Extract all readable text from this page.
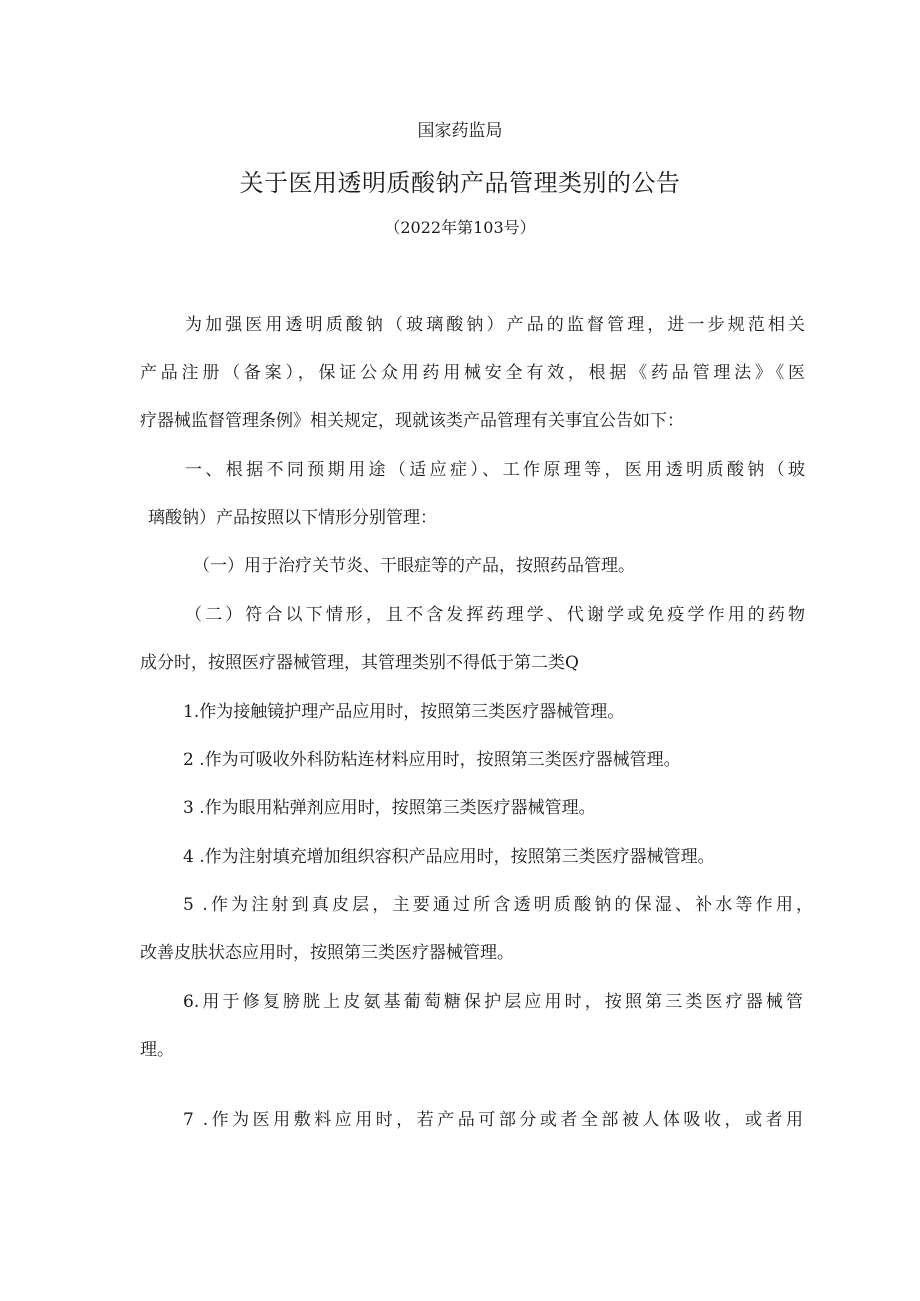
国家药监局
关于医用透明质酸钠产品管理类别的公告
（2022年第103号）
为加强医用透明质酸钠（玻璃酸钠）产品的监督管理，进一步规范相关
产品注册（备案），保证公众用药用械安全有效，根据《药品管理法》《医
疗器械监督管理条例》相关规定，现就该类产品管理有关事宜公告如下：
一、根据不同预期用途（适应症）、工作原理等，医用透明质酸钠（玻
璃酸钠）产品按照以下情形分别管理：
（一）用于治疗关节炎、干眼症等的产品，按照药品管理。
（二）符合以下情形，且不含发挥药理学、代谢学或免疫学作用的药物
成分时，按照医疗器械管理，其管理类别不得低于第二类Q
1.作为接触镜护理产品应用时，按照第三类医疗器械管理。
2 .作为可吸收外科防粘连材料应用时，按照第三类医疗器械管理。
3 .作为眼用粘弹剂应用时，按照第三类医疗器械管理。
4 .作为注射填充增加组织容积产品应用时，按照第三类医疗器械管理。
5 .作为注射到真皮层，主要通过所含透明质酸钠的保湿、补水等作用，
改善皮肤状态应用时，按照第三类医疗器械管理。
6.用于修复膀胱上皮氨基葡萄糖保护层应用时，按照第三类医疗器械管
理。
7 .作为医用敷料应用时，若产品可部分或者全部被人体吸收，或者用
